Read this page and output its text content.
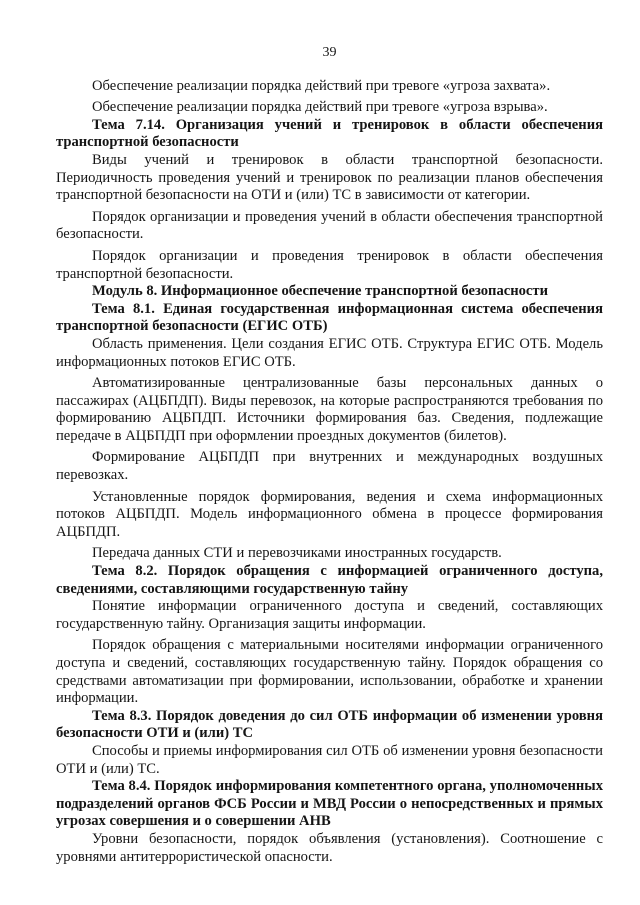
39

Обеспечение реализации порядка действий при тревоге «угроза захвата».

Обеспечение реализации порядка действий при тревоге «угроза взрыва».

Тема 7.14. Организация учений и тренировок в области обеспечения транспортной безопасности

Виды учений и тренировок в области транспортной безопасности. Периодичность проведения учений и тренировок по реализации планов обеспечения транспортной безопасности на ОТИ и (или) ТС в зависимости от категории.

Порядок организации и проведения учений в области обеспечения транспортной безопасности.

Порядок организации и проведения тренировок в области обеспечения транспортной безопасности.

Модуль 8. Информационное обеспечение транспортной безопасности

Тема 8.1. Единая государственная информационная система обеспечения транспортной безопасности (ЕГИС ОТБ)

Область применения. Цели создания ЕГИС ОТБ. Структура ЕГИС ОТБ. Модель информационных потоков ЕГИС ОТБ.

Автоматизированные централизованные базы персональных данных о пассажирах (АЦБПДП). Виды перевозок, на которые распространяются требования по формированию АЦБПДП. Источники формирования баз. Сведения, подлежащие передаче в АЦБПДП при оформлении проездных документов (билетов).

Формирование АЦБПДП при внутренних и международных воздушных перевозках.

Установленные порядок формирования, ведения и схема информационных потоков АЦБПДП. Модель информационного обмена в процессе формирования АЦБПДП.

Передача данных СТИ и перевозчиками иностранных государств.

Тема 8.2. Порядок обращения с информацией ограниченного доступа, сведениями, составляющими государственную тайну

Понятие информации ограниченного доступа и сведений, составляющих государственную тайну. Организация защиты информации.

Порядок обращения с материальными носителями информации ограниченного доступа и сведений, составляющих государственную тайну. Порядок обращения со средствами автоматизации при формировании, использовании, обработке и хранении информации.

Тема 8.3. Порядок доведения до сил ОТБ информации об изменении уровня безопасности ОТИ и (или) ТС

Способы и приемы информирования сил ОТБ об изменении уровня безопасности ОТИ и (или) ТС.

Тема 8.4. Порядок информирования компетентного органа, уполномоченных подразделений органов ФСБ России и МВД России о непосредственных и прямых угрозах совершения и о совершении АНВ

Уровни безопасности, порядок объявления (установления). Соотношение с уровнями антитеррористической опасности.
